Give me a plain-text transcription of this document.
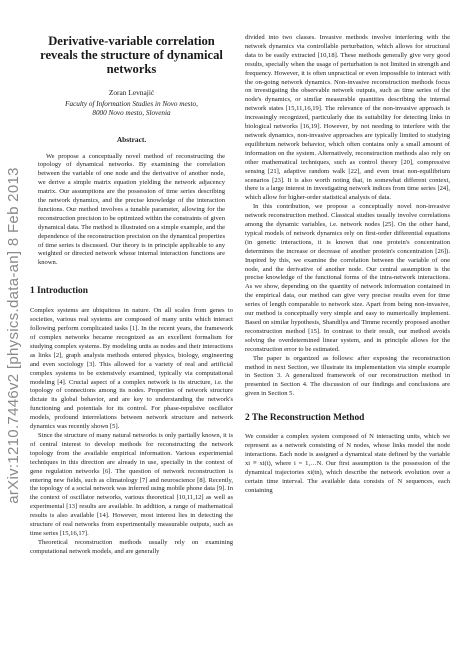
arXiv:1210.7446v2 [physics.data-an] 8 Feb 2013
Derivative-variable correlation reveals the structure of dynamical networks
Zoran Levnajić
Faculty of Information Studies in Novo mesto,
8000 Novo mesto, Slovenia
Abstract.

We propose a conceptually novel method of reconstructing the topology of dynamical networks. By examining the correlation between the variable of one node and the derivative of another node, we derive a simple matrix equation yielding the network adjacency matrix. Our assumptions are the possession of time series describing the network dynamics, and the precise knowledge of the interaction functions. Our method involves a tunable parameter, allowing for the reconstruction precision to be optimized within the constraints of given dynamical data. The method is illustrated on a simple example, and the dependence of the reconstruction precision on the dynamical properties of time series is discussed. Our theory is in principle applicable to any weighted or directed network whose internal interaction functions are known.

1 Introduction

Complex systems are ubiquitous in nature. On all scales from genes to societies, various real systems are composed of many units which interact following perform complicated tasks [1]. In the recent years, the framework of complex networks became recognized as an excellent formalism for studying complex systems. By modeling units as nodes and their interactions as links [2], graph analysis methods entered physics, biology, engineering and even sociology [3]. This allowed for a variety of real and artificial complex systems to be extensively examined, typically via computational modeling [4]. Crucial aspect of a complex network is its structure, i.e. the topology of connections among its nodes. Properties of network structure dictate its global behavior, and are key to understanding the network's functioning and potentials for its control. For phase-repulsive oscillator models, profound interrelations between network structure and network dynamics was recently shown [5].

Since the structure of many natural networks is only partially known, it is of central interest to develop methods for reconstructing the network topology from the available empirical information. Various experimental techniques in this direction are already in use, specially in the context of gene regulation networks [6]. The question of network reconstruction is entering new fields, such as climatology [7] and neuroscience [8]. Recently, the topology of a social network was inferred using mobile phone data [9]. In the context of oscillator networks, various theoretical [10,11,12] as well as experimental [13] results are available. In addition, a range of mathematical results is also available [14]. However, most interest lies in detecting the structure of real networks from experimentally measurable outputs, such as time series [15,16,17].

Theoretical reconstruction methods usually rely on examining computational network models, and are generally

divided into two classes. Invasive methods involve interfering with the network dynamics via controllable perturbation, which allows for structural data to be easily extracted [10,18]. These methods generally give very good results, specially when the usage of perturbation is not limited in strength and frequency. However, it is often unpractical or even impossible to interact with the on-going network dynamics. Non-invasive reconstruction methods focus on investigating the observable network outputs, such as time series of the node's dynamics, or similar measurable quantities describing the internal network states [15,11,16,19]. The relevance of the non-invasive approach is increasingly recognized, particularly due its suitability for detecting links in biological networks [16,19]. However, by not needing to interfere with the network dynamics, non-invasive approaches are typically limited to studying equilibrium network behavior, which often contains only a small amount of information on the system. Alternatively, reconstruction methods also rely on other mathematical techniques, such as control theory [20], compressive sensing [21], adaptive random walk [22], and even treat non-equilibrium scenarios [23]. It is also worth noting that, in somewhat different context, there is a large interest in investigating network indices from time series [24], which allow for higher-order statistical analysis of data.

In this contribution, we propose a conceptually novel non-invasive network reconstruction method. Classical studies usually involve correlations among the dynamic variables, i.e. network nodes [25]. On the other hand, typical models of network dynamics rely on first-order differential equations (in genetic interactions, it is known that one protein's concentration determines the increase or decrease of another protein's concentration [26]). Inspired by this, we examine the correlation between the variable of one node, and the derivative of another node. Our central assumption is the precise knowledge of the functional forms of the intra-network interactions. As we show, depending on the quantity of network information contained in the empirical data, our method can give very precise results even for time series of length comparable to network size. Apart from being non-invasive, our method is conceptually very simple and easy to numerically implement. Based on similar hypothesis, Shandilya and Timme recently proposed another reconstruction method [15]. In contrast to their result, our method avoids solving the overdetermined linear system, and in principle allows for the reconstruction error to be estimated.

The paper is organized as follows: after exposing the reconstruction method in next Section, we illustrate its implementation via simple example in Section 3. A generalized framework of our reconstruction method in presented in Section 4. The discussion of our findings and conclusions are given in Section 5.

2 The Reconstruction Method

We consider a complex system composed of N interacting units, which we represent as a network consisting of N nodes, whose links model the node interactions. Each node is assigned a dynamical state defined by the variable xi ≡ xi(t), where i = 1,…N. Our first assumption is the possession of the dynamical trajectories xi(tn), which describe the network evolution over a certain time interval. The available data consists of N sequences, each containing
